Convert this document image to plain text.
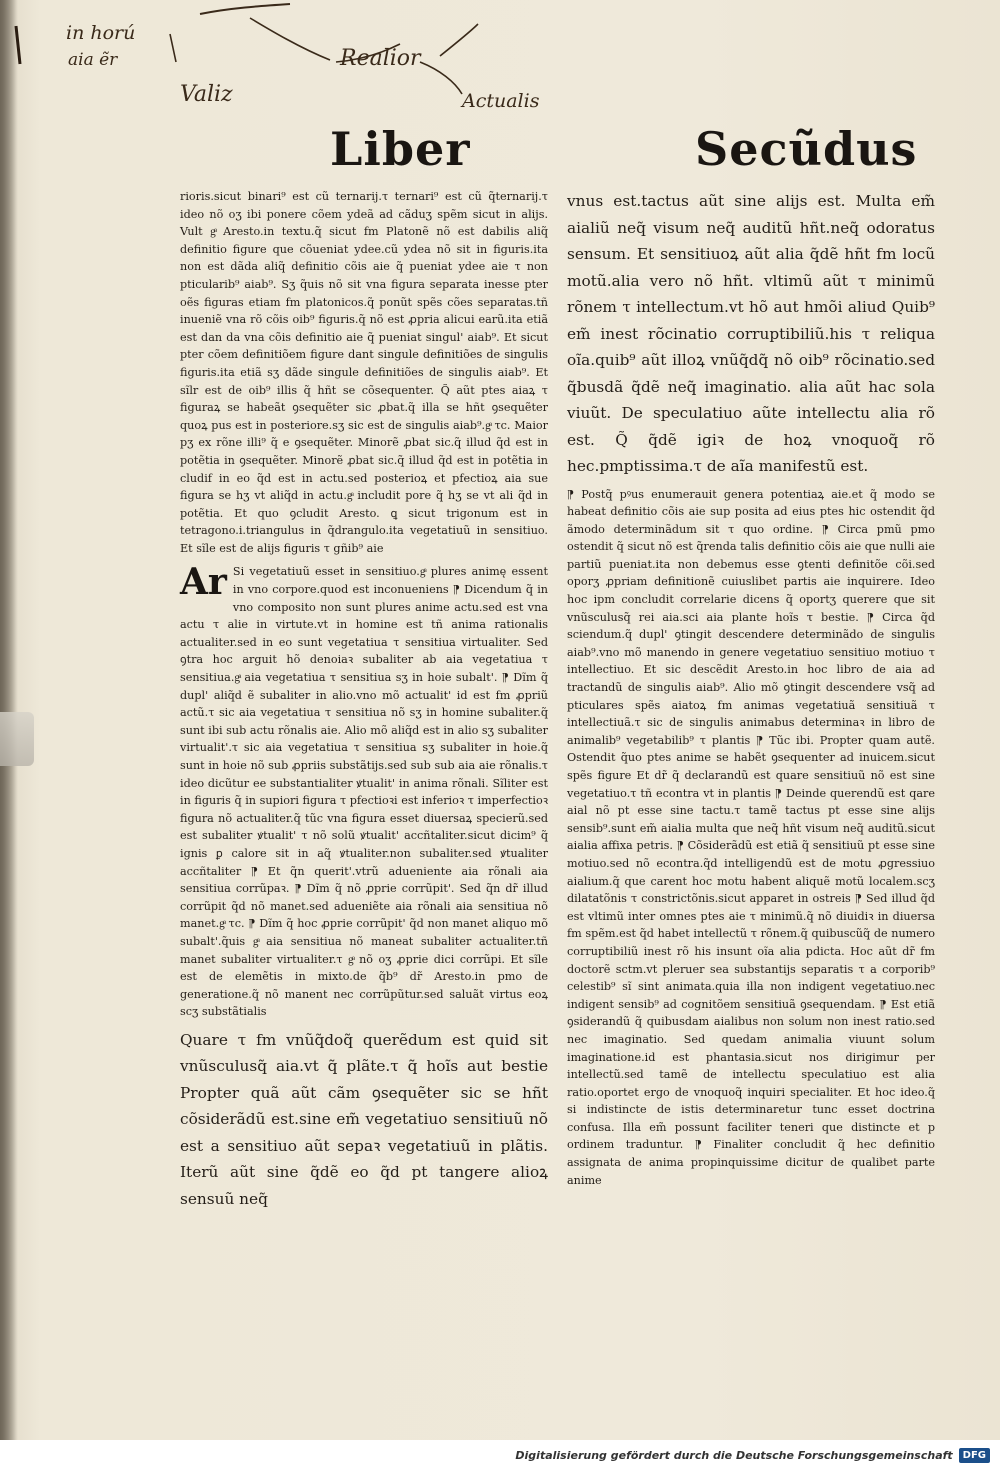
in horú
aia ẽr
Valiz
Realior
Actualis
Liber	Secũdus

rioris.sicut binari⁹ est cũ ternarij.τ ternari⁹ est cũ q̃ternarij.τ ideo nõ oʒ ibi ponere cõem ydeã ad cãduʒ spẽm sicut in alijs. Vult gͣ Aresto.in textu.q̃ sicut fm Platonẽ nõ est dabilis aliq̃ definitio figure que cõueniat ydee.cũ ydea nõ sit in figuris.ita non est dãda aliq̃ definitio cõis aie q̃ pueniat ydee aie τ non pticularib⁹ aiab⁹. Sʒ q̃uis nõ sit vna figura separata inesse pter oẽs figuras etiam fm platonicos.q̃ ponũt spẽs cões separatas.tñ inueniẽ vna rõ cõis oib⁹ figuris.q̃ nõ est ꝓpria alicui earũ.ita etiã est dan da vna cõis definitio aie q̃ pueniat singul' aiab⁹. Et sicut pter cõem definitiõem figure dant singule definitiões de singulis figuris.ita etiã sʒ dãde singule definitiões de singulis aiab⁹. Et sĩlr est de oib⁹ illis q̃ hñt se cõsequenter. Q̃ aũt ptes aiaꝝ τ figuraꝝ se habeãt ꝯsequẽter sic ꝓbat.q̃ illa se hñt ꝯsequẽter quoꝝ pus est in posteriore.sʒ sic est de singulis aiab⁹.gͣ τc. Maior pʒ ex rõne illi⁹ q̃ e ꝯsequẽter. Minorẽ ꝓbat sic.q̃ illud q̃d est in potẽtia in ꝯsequẽter. Minorẽ ꝓbat sic.q̃ illud q̃d est in potẽtia in cludif in eo q̃d est in actu.sed posterioꝝ et pfectioꝝ aia sue figura se hʒ vt aliq̃d in actu.gͣ includit pore q̃ hʒ se vt ali q̃d in potẽtia. Et quo ꝯcludit Aresto. ꝗ sicut trigonum est in tetragono.i.triangulus in q̃drangulo.ita vegetatiuũ in sensitiuo. Et sĩle est de alijs figuris τ gñib⁹ aie

Ar Si vegetatiuũ esset in sensitiuo.gͣ plures animę essent in vno corpore.quod est inconueniens ⁋ Dicendum q̃ in vno composito non sunt plures anime actu.sed est vna actu τ alie in virtute.vt in homine est tñ anima rationalis actualiter.sed in eo sunt vegetatiua τ sensitiua virtualiter. Sed ꝯtra hoc arguit hõ denoiaꝛ subaliter ab aia vegetatiua τ sensitiua.gͣ aia vegetatiua τ sensitiua sʒ in hoie subalt'. ⁋ Dĩm q̃ dupl' aliq̃d ẽ subaliter in alio.vno mõ actualit' id est fm ꝓpriũ actũ.τ sic aia vegetatiua τ sensitiua nõ sʒ in homine subaliter.q̃ sunt ibi sub actu rõnalis aie. Alio mõ aliq̃d est in alio sʒ subaliter virtualit'.τ sic aia vegetatiua τ sensitiua sʒ subaliter in hoie.q̃ sunt in hoie nõ sub ꝓpriis substãtijs.sed sub sub aia aie rõnalis.τ ideo dicũtur ee substantialiter ꝟtualit' in anima rõnali. Sĩliter est in figuris q̃ in supiori figura τ pfectioꝛi est inferioꝛ τ imperfectioꝛ figura nõ actualiter.q̃ tũc vna figura esset diuersaꝝ specierũ.sed est subaliter ꝟtualit' τ nõ solũ ꝟtualit' accñtaliter.sicut dicim⁹ q̃ ignis ꝑ calore sit in aq̃ ꝟtualiter.non subaliter.sed ꝟtualiter accñtaliter ⁋ Et q̃n querit'.vtrũ adueniente aia rõnali aia sensitiua corrũpaꝛ. ⁋ Dĩm q̃ nõ ꝓprie corrũpit'. Sed q̃n dr̃ illud corrũpit q̃d nõ manet.sed adueniẽte aia rõnali aia sensitiua nõ manet.gͣ τc. ⁋ Dĩm q̃ hoc ꝓprie corrũpit' q̃d non manet aliquo mõ subalt'.q̃uis gͣ aia sensitiua nõ maneat subaliter actualiter.tñ manet subaliter virtualiter.τ gͣ nõ oʒ ꝓprie dici corrũpi. Et sĩle est de elemẽtis in mixto.de q̃b⁹ dr̃ Aresto.in pmo de generatione.q̃ nõ manent nec corrũpũtur.sed saluãt virtus eoꝝ scʒ substãtialis

Quare τ fm vnũq̃doq̃ querẽdum est quid sit vnũsculusq̃ aia.vt q̃ plãte.τ q̃ hoĩs aut bestie Propter quã aũt cãm ꝯsequẽter sic se hñt cõsiderãdũ est.sine em̃ vegetatiuo sensitiuũ nõ est a sensitiuo aũt sepaꝛ vegetatiuũ in plãtis. Iterũ aũt sine q̃dẽ eo q̃d pt tangere alioꝝ sensuũ neq̃

vnus est.tactus aũt sine alijs est. Multa em̃ aialiũ neq̃ visum neq̃ auditũ hñt.neq̃ odoratus sensum. Et sensitiuoꝝ aũt alia q̃dẽ hñt fm locũ motũ.alia vero nõ hñt. vltimũ aũt τ minimũ rõnem τ intellectum.vt hõ aut hmõi aliud Quib⁹ em̃ inest rõcinatio corruptibiliũ.his τ reliqua oĩa.quib⁹ aũt illoꝝ vnũq̃dq̃ nõ oib⁹ rõcinatio.sed q̃busdã q̃dẽ neq̃ imaginatio. alia aũt hac sola viuũt. De speculatiuo aũte intellectu alia rõ est. Q̃ q̃dẽ igiꝛ de hoꝝ vnoquoq̃ rõ hec.pmptissima.τ de aĩa manifestũ est.

⁋ Postq̃ pꝰus enumerauit genera potentiaꝝ aie.et q̃ modo se habeat definitio cõis aie sup posita ad eius ptes hic ostendit q̃d ãmodo determinãdum sit τ quo ordine. ⁋ Circa pmũ pmo ostendit q̃ sicut nõ est q̃renda talis definitio cõis aie que nulli aie partiũ pueniat.ita non debemus esse ꝯtenti definitõe cõi.sed oporʒ ꝓpriam definitionẽ cuiuslibet partis aie inquirere. Ideo hoc ipm concludit correlarie dicens q̃ oportʒ querere que sit vnũsculusq̃ rei aia.sci aia plante hoĩs τ bestie. ⁋ Circa q̃d sciendum.q̃ dupl' ꝯtingit descendere determinãdo de singulis aiab⁹.vno mõ manendo in genere vegetatiuo sensitiuo motiuo τ intellectiuo. Et sic descẽdit Aresto.in hoc libro de aia ad tractandũ de singulis aiab⁹. Alio mõ ꝯtingit descendere vsq̃ ad pticulares spẽs aiatoꝝ fm animas vegetatiuã sensitiuã τ intellectiuã.τ sic de singulis animabus determinaꝛ in libro de animalib⁹ vegetabilib⁹ τ plantis ⁋ Tũc ibi. Propter quam autẽ. Ostendit q̃uo ptes anime se habẽt ꝯsequenter ad inuicem.sicut spẽs figure Et dr̃ q̃ declarandũ est quare sensitiuũ nõ est sine vegetatiuo.τ tñ econtra vt in plantis ⁋ Deinde querendũ est qare aial nõ pt esse sine tactu.τ tamẽ tactus pt esse sine alijs sensib⁹.sunt em̃ aialia multa que neq̃ hñt visum neq̃ auditũ.sicut aialia affixa petris. ⁋ Cõsiderãdũ est etiã q̃ sensitiuũ pt esse sine motiuo.sed nõ econtra.q̃d intelligendũ est de motu ꝓgressiuo aialium.q̃ que carent hoc motu habent aliquẽ motũ localem.scʒ dilatatõnis τ constrictõnis.sicut apparet in ostreis ⁋ Sed illud q̃d est vltimũ inter omnes ptes aie τ minimũ.q̃ nõ diuidiꝛ in diuersa fm spẽm.est q̃d habet intellectũ τ rõnem.q̃ quibuscũq̃ de numero corruptibiliũ inest rõ his insunt oĩa alia pdicta. Hoc aũt dr̃ fm doctorẽ sctm.vt pleruer sea substantijs separatis τ a corporib⁹ celestib⁹ sĩ sint animata.quia illa non indigent vegetatiuo.nec indigent sensib⁹ ad cognitõem sensitiuã ꝯsequendam. ⁋ Est etiã ꝯsiderandũ q̃ quibusdam aialibus non solum non inest ratio.sed nec imaginatio. Sed quedam animalia viuunt solum imaginatione.id est phantasia.sicut nos dirigimur per intellectũ.sed tamẽ de intellectu speculatiuo est alia ratio.oportet ergo de vnoquoq̃ inquiri specialiter. Et hoc ideo.q̃ si indistincte de istis determinaretur tunc esset doctrina confusa. Illa em̃ possunt faciliter teneri que distincte et p ordinem traduntur. ⁋ Finaliter concludit q̃ hec definitio assignata de anima propinquissime dicitur de qualibet parte anime

Digitalisierung gefördert durch die Deutsche Forschungsgemeinschaft	DFG
